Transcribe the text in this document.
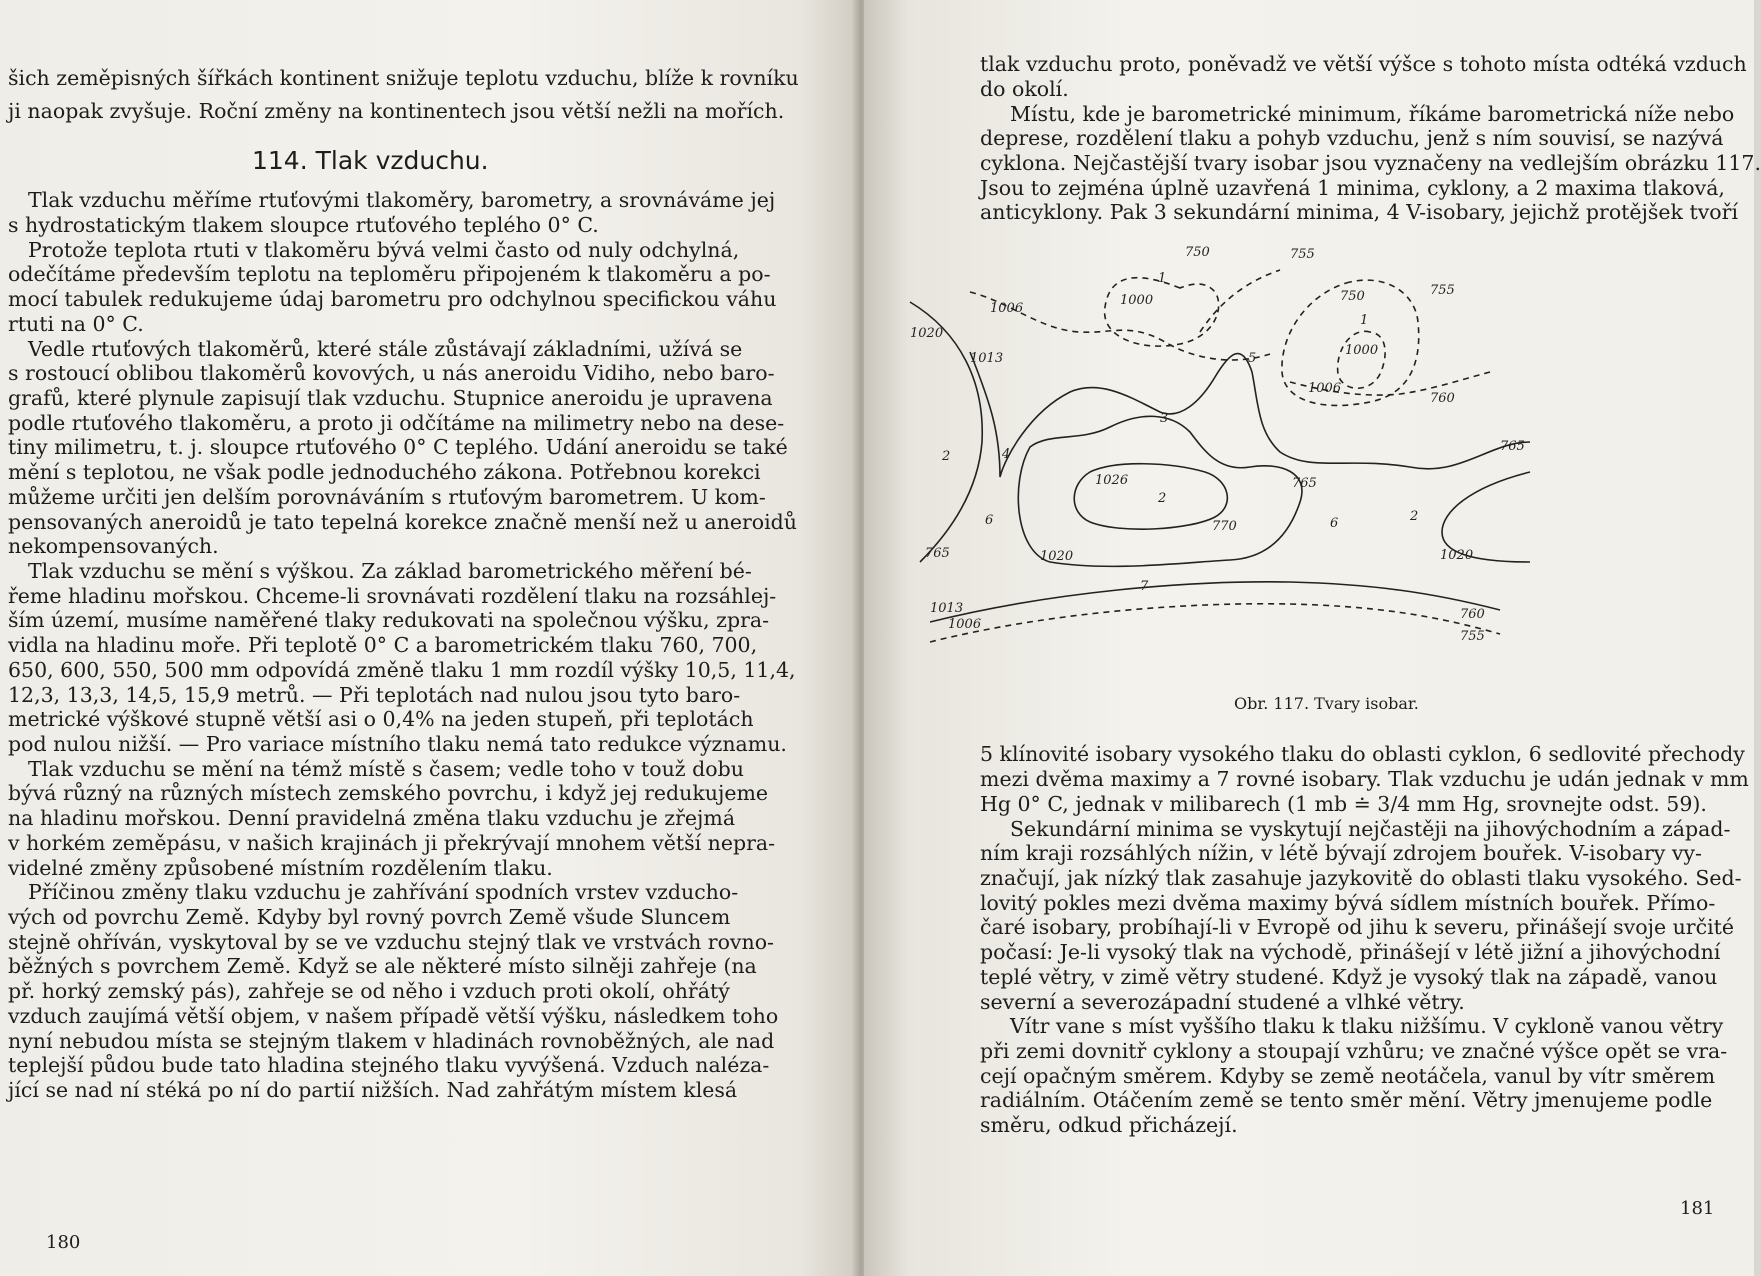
šich zeměpisných šířkách kontinent snižuje teplotu vzduchu, blíže k rovníku
ji naopak zvyšuje. Roční změny na kontinentech jsou větší nežli na mořích.
114. Tlak vzduchu.
Tlak vzduchu měříme rtuťovými tlakoměry, barometry, a srovnáváme jej
s hydrostatickým tlakem sloupce rtuťového teplého 0° C.
Protože teplota rtuti v tlakoměru bývá velmi často od nuly odchylná,
odečítáme především teplotu na teploměru připojeném k tlakoměru a po-
mocí tabulek redukujeme údaj barometru pro odchylnou specifickou váhu
rtuti na 0° C.
Vedle rtuťových tlakoměrů, které stále zůstávají základními, užívá se
s rostoucí oblibou tlakoměrů kovových, u nás aneroidu Vidiho, nebo baro-
grafů, které plynule zapisují tlak vzduchu. Stupnice aneroidu je upravena
podle rtuťového tlakoměru, a proto ji odčítáme na milimetry nebo na dese-
tiny milimetru, t. j. sloupce rtuťového 0° C teplého. Udání aneroidu se také
mění s teplotou, ne však podle jednoduchého zákona. Potřebnou korekci
můžeme určiti jen delším porovnáváním s rtuťovým barometrem. U kom-
pensovaných aneroidů je tato tepelná korekce značně menší než u aneroidů
nekompensovaných.
Tlak vzduchu se mění s výškou. Za základ barometrického měření bé-
řeme hladinu mořskou. Chceme-li srovnávati rozdělení tlaku na rozsáhlej-
ším území, musíme naměřené tlaky redukovati na společnou výšku, zpra-
vidla na hladinu moře. Při teplotě 0° C a barometrickém tlaku 760, 700,
650, 600, 550, 500 mm odpovídá změně tlaku 1 mm rozdíl výšky 10,5, 11,4,
12,3, 13,3, 14,5, 15,9 metrů. — Při teplotách nad nulou jsou tyto baro-
metrické výškové stupně větší asi o 0,4% na jeden stupeň, při teplotách
pod nulou nižší. — Pro variace místního tlaku nemá tato redukce významu.
Tlak vzduchu se mění na témž místě s časem; vedle toho v touž dobu
bývá různý na různých místech zemského povrchu, i když jej redukujeme
na hladinu mořskou. Denní pravidelná změna tlaku vzduchu je zřejmá
v horkém zeměpásu, v našich krajinách ji překrývají mnohem větší nepra-
videlné změny způsobené místním rozdělením tlaku.
Příčinou změny tlaku vzduchu je zahřívání spodních vrstev vzducho-
vých od povrchu Země. Kdyby byl rovný povrch Země všude Sluncem
stejně ohříván, vyskytoval by se ve vzduchu stejný tlak ve vrstvách rovno-
běžných s povrchem Země. Když se ale některé místo silněji zahřeje (na
př. horký zemský pás), zahřeje se od něho i vzduch proti okolí, ohřátý
vzduch zaujímá větší objem, v našem případě větší výšku, následkem toho
nyní nebudou místa se stejným tlakem v hladinách rovnoběžných, ale nad
teplejší půdou bude tato hladina stejného tlaku vyvýšená. Vzduch naléza-
jící se nad ní stéká po ní do partií nižších. Nad zahřátým místem klesá
180
tlak vzduchu proto, poněvadž ve větší výšce s tohoto místa odtéká vzduch
do okolí.
Místu, kde je barometrické minimum, říkáme barometrická níže nebo
deprese, rozdělení tlaku a pohyb vzduchu, jenž s ním souvisí, se nazývá
cyklona. Nejčastější tvary isobar jsou vyznačeny na vedlejším obrázku 117.
Jsou to zejména úplně uzavřená 1 minima, cyklony, a 2 maxima tlaková,
anticyklony. Pak 3 sekundární minima, 4 V-isobary, jejichž protějšek tvoří
5 klínovité isobary vysokého tlaku do oblasti cyklon, 6 sedlovité přechody
mezi dvěma maximy a 7 rovné isobary. Tlak vzduchu je udán jednak v mm
Hg 0° C, jednak v milibarech (1 mb ≐ 3/4 mm Hg, srovnejte odst. 59).
Sekundární minima se vyskytují nejčastěji na jihovýchodním a západ-
ním kraji rozsáhlých nížin, v létě bývají zdrojem bouřek. V-isobary vy-
značují, jak nízký tlak zasahuje jazykovitě do oblasti tlaku vysokého. Sed-
lovitý pokles mezi dvěma maximy bývá sídlem místních bouřek. Přímo-
čaré isobary, probíhají-li v Evropě od jihu k severu, přinášejí svoje určité
počasí: Je-li vysoký tlak na východě, přinášejí v létě jižní a jihovýchodní
teplé větry, v zimě větry studené. Když je vysoký tlak na západě, vanou
severní a severozápadní studené a vlhké větry.
Vítr vane s míst vyššího tlaku k tlaku nižšímu. V cykloně vanou větry
při zemi dovnitř cyklony a stoupají vzhůru; ve značné výšce opět se vra-
cejí opačným směrem. Kdyby se země neotáčela, vanul by vítr směrem
radiálním. Otáčením země se tento směr mění. Větry jmenujeme podle
směru, odkud přicházejí.
181
750
1
1000
755
755
750
1
1000
1006
1020
1013	5
1006
760
3
765
2	4
1026
2
765
770
6	6	2
765	1020
1020
7
1013
1006
760
755
Obr. 117. Tvary isobar.
